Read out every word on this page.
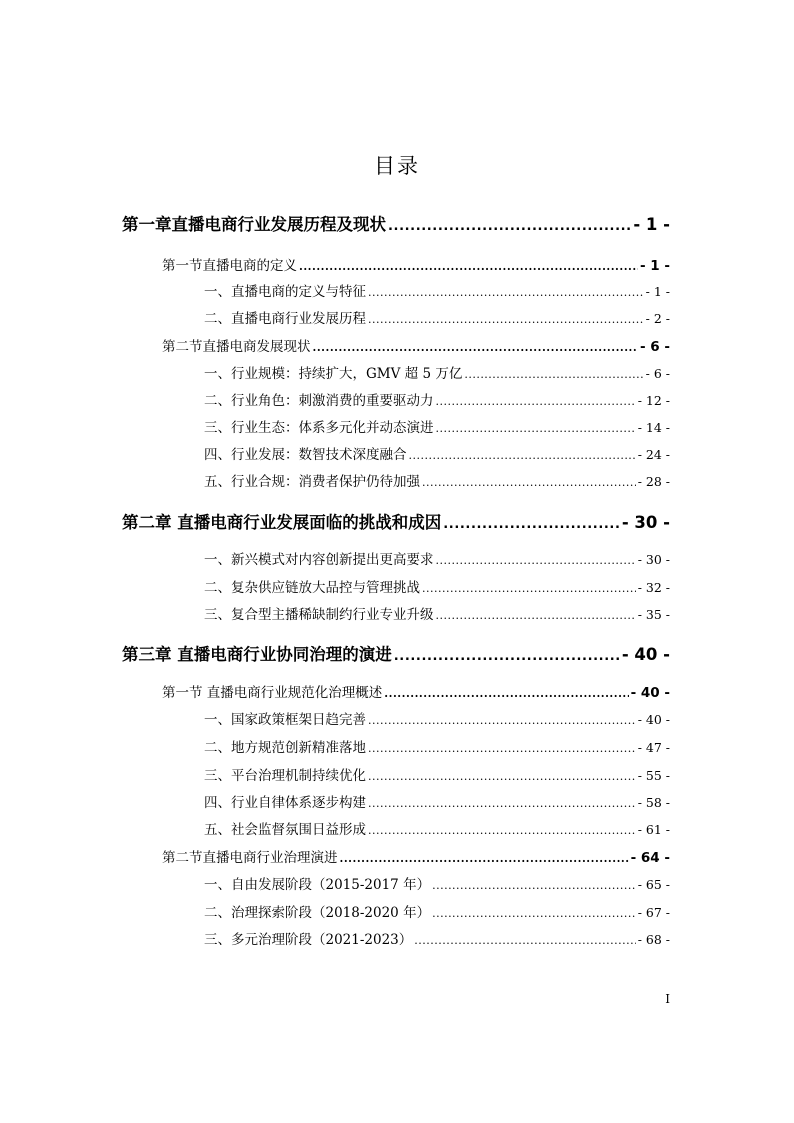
目录
第一章直播电商行业发展历程及现状 .....	- 1 -
第一节直播电商的定义 .....	- 1 -
一、直播电商的定义与特征 .....	- 1 -
二、直播电商行业发展历程 .....	- 2 -
第二节直播电商发展现状 .....	- 6 -
一、行业规模：持续扩大，GMV 超 5 万亿 .....	- 6 -
二、行业角色：刺激消费的重要驱动力 .....	- 12 -
三、行业生态：体系多元化并动态演进 .....	- 14 -
四、行业发展：数智技术深度融合 .....	- 24 -
五、行业合规：消费者保护仍待加强 .....	- 28 -
第二章 直播电商行业发展面临的挑战和成因 .....	- 30 -
一、新兴模式对内容创新提出更高要求 .....	- 30 -
二、复杂供应链放大品控与管理挑战 .....	- 32 -
三、复合型主播稀缺制约行业专业升级 .....	- 35 -
第三章 直播电商行业协同治理的演进 .....	- 40 -
第一节 直播电商行业规范化治理概述 .....	- 40 -
一、国家政策框架日趋完善 .....	- 40 -
二、地方规范创新精准落地 .....	- 47 -
三、平台治理机制持续优化 .....	- 55 -
四、行业自律体系逐步构建 .....	- 58 -
五、社会监督氛围日益形成 .....	- 61 -
第二节直播电商行业治理演进 .....	- 64 -
一、自由发展阶段（2015-2017 年） .....	- 65 -
二、治理探索阶段（2018-2020 年） .....	- 67 -
三、多元治理阶段（2021-2023） .....	- 68 -
I
